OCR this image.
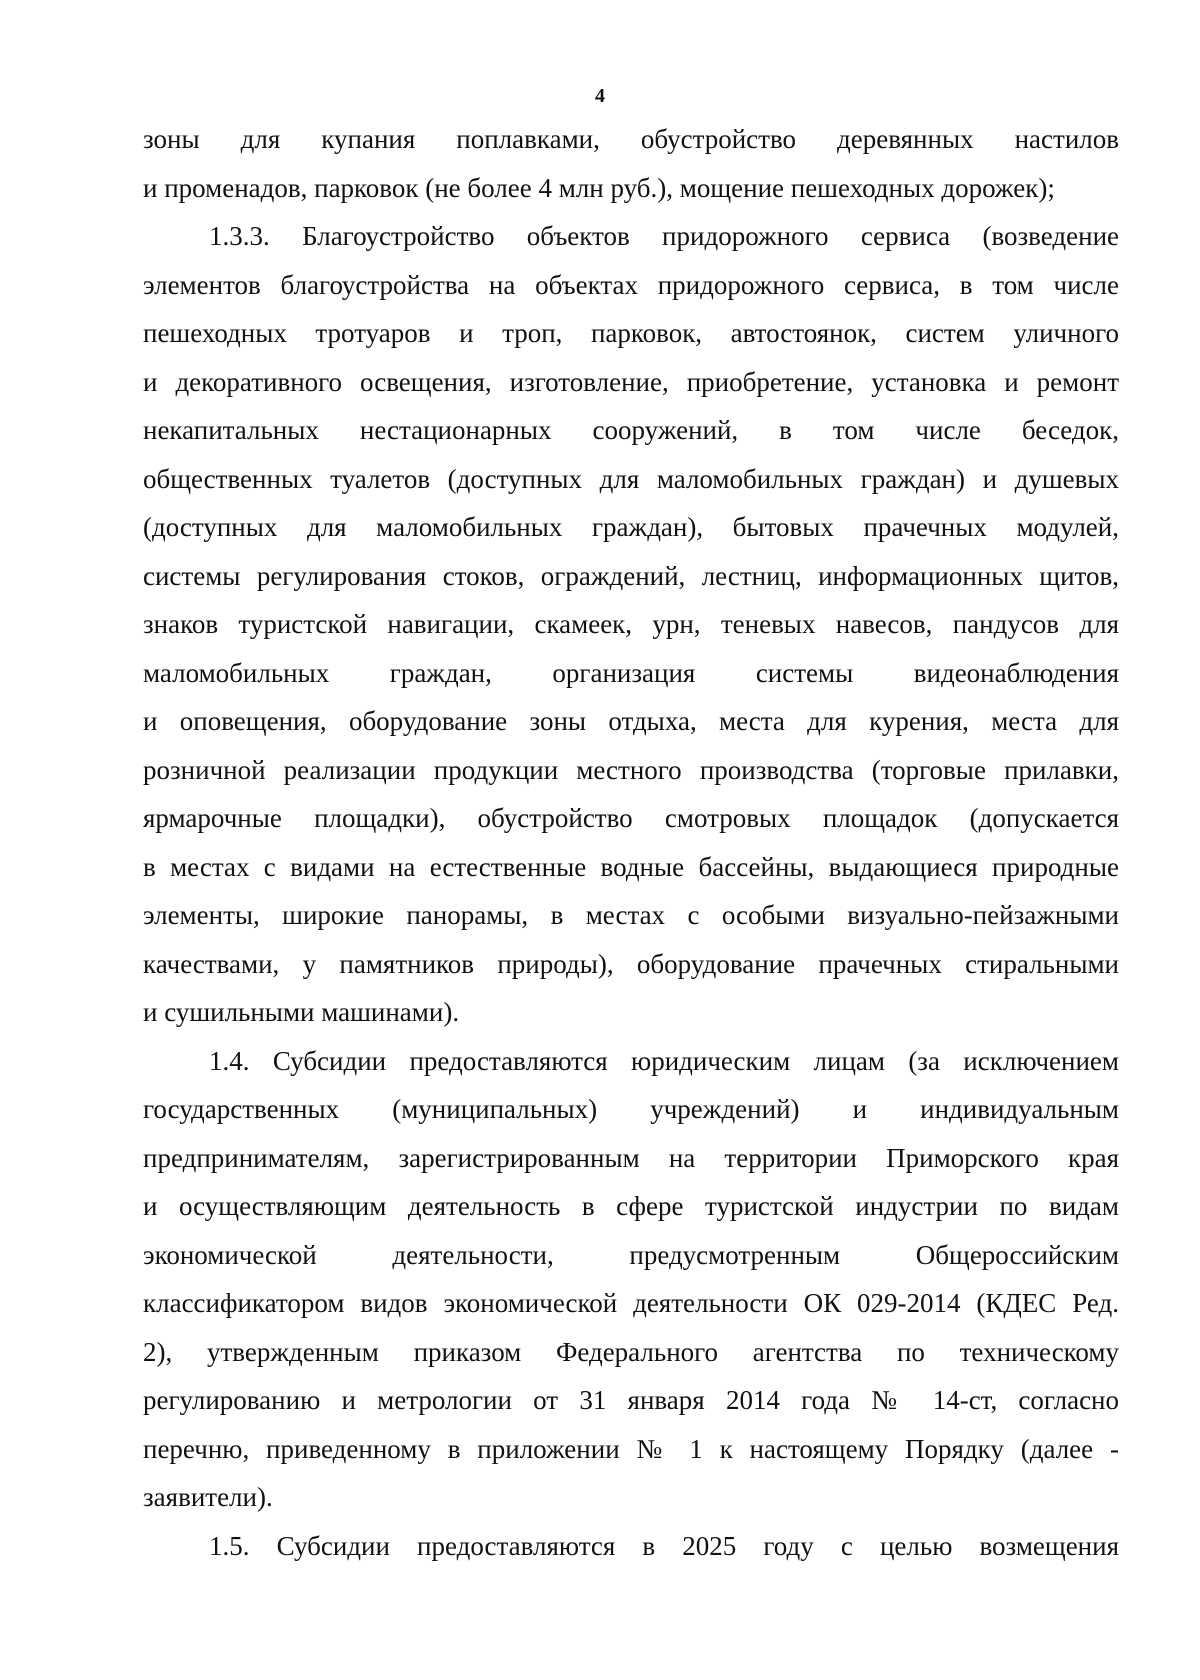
4
зоны для купания поплавками, обустройство деревянных настилов
и променадов, парковок (не более 4 млн руб.), мощение пешеходных дорожек);
1.3.3. Благоустройство объектов придорожного сервиса (возведение
элементов благоустройства на объектах придорожного сервиса, в том числе
пешеходных тротуаров и троп, парковок, автостоянок, систем уличного
и декоративного освещения, изготовление, приобретение, установка и ремонт
некапитальных нестационарных сооружений, в том числе беседок,
общественных туалетов (доступных для маломобильных граждан) и душевых
(доступных для маломобильных граждан), бытовых прачечных модулей,
системы регулирования стоков, ограждений, лестниц, информационных щитов,
знаков туристской навигации, скамеек, урн, теневых навесов, пандусов для
маломобильных граждан, организация системы видеонаблюдения
и оповещения, оборудование зоны отдыха, места для курения, места для
розничной реализации продукции местного производства (торговые прилавки,
ярмарочные площадки), обустройство смотровых площадок (допускается
в местах с видами на естественные водные бассейны, выдающиеся природные
элементы, широкие панорамы, в местах с особыми визуально-пейзажными
качествами, у памятников природы), оборудование прачечных стиральными
и сушильными машинами).
1.4. Субсидии предоставляются юридическим лицам (за исключением
государственных (муниципальных) учреждений) и индивидуальным
предпринимателям, зарегистрированным на территории Приморского края
и осуществляющим деятельность в сфере туристской индустрии по видам
экономической деятельности, предусмотренным Общероссийским
классификатором видов экономической деятельности ОК 029-2014 (КДЕС Ред.
2), утвержденным приказом Федерального агентства по техническому
регулированию и метрологии от 31 января 2014 года № 14-ст, согласно
перечню, приведенному в приложении № 1 к настоящему Порядку (далее -
заявители).
1.5. Субсидии предоставляются в 2025 году с целью возмещения
